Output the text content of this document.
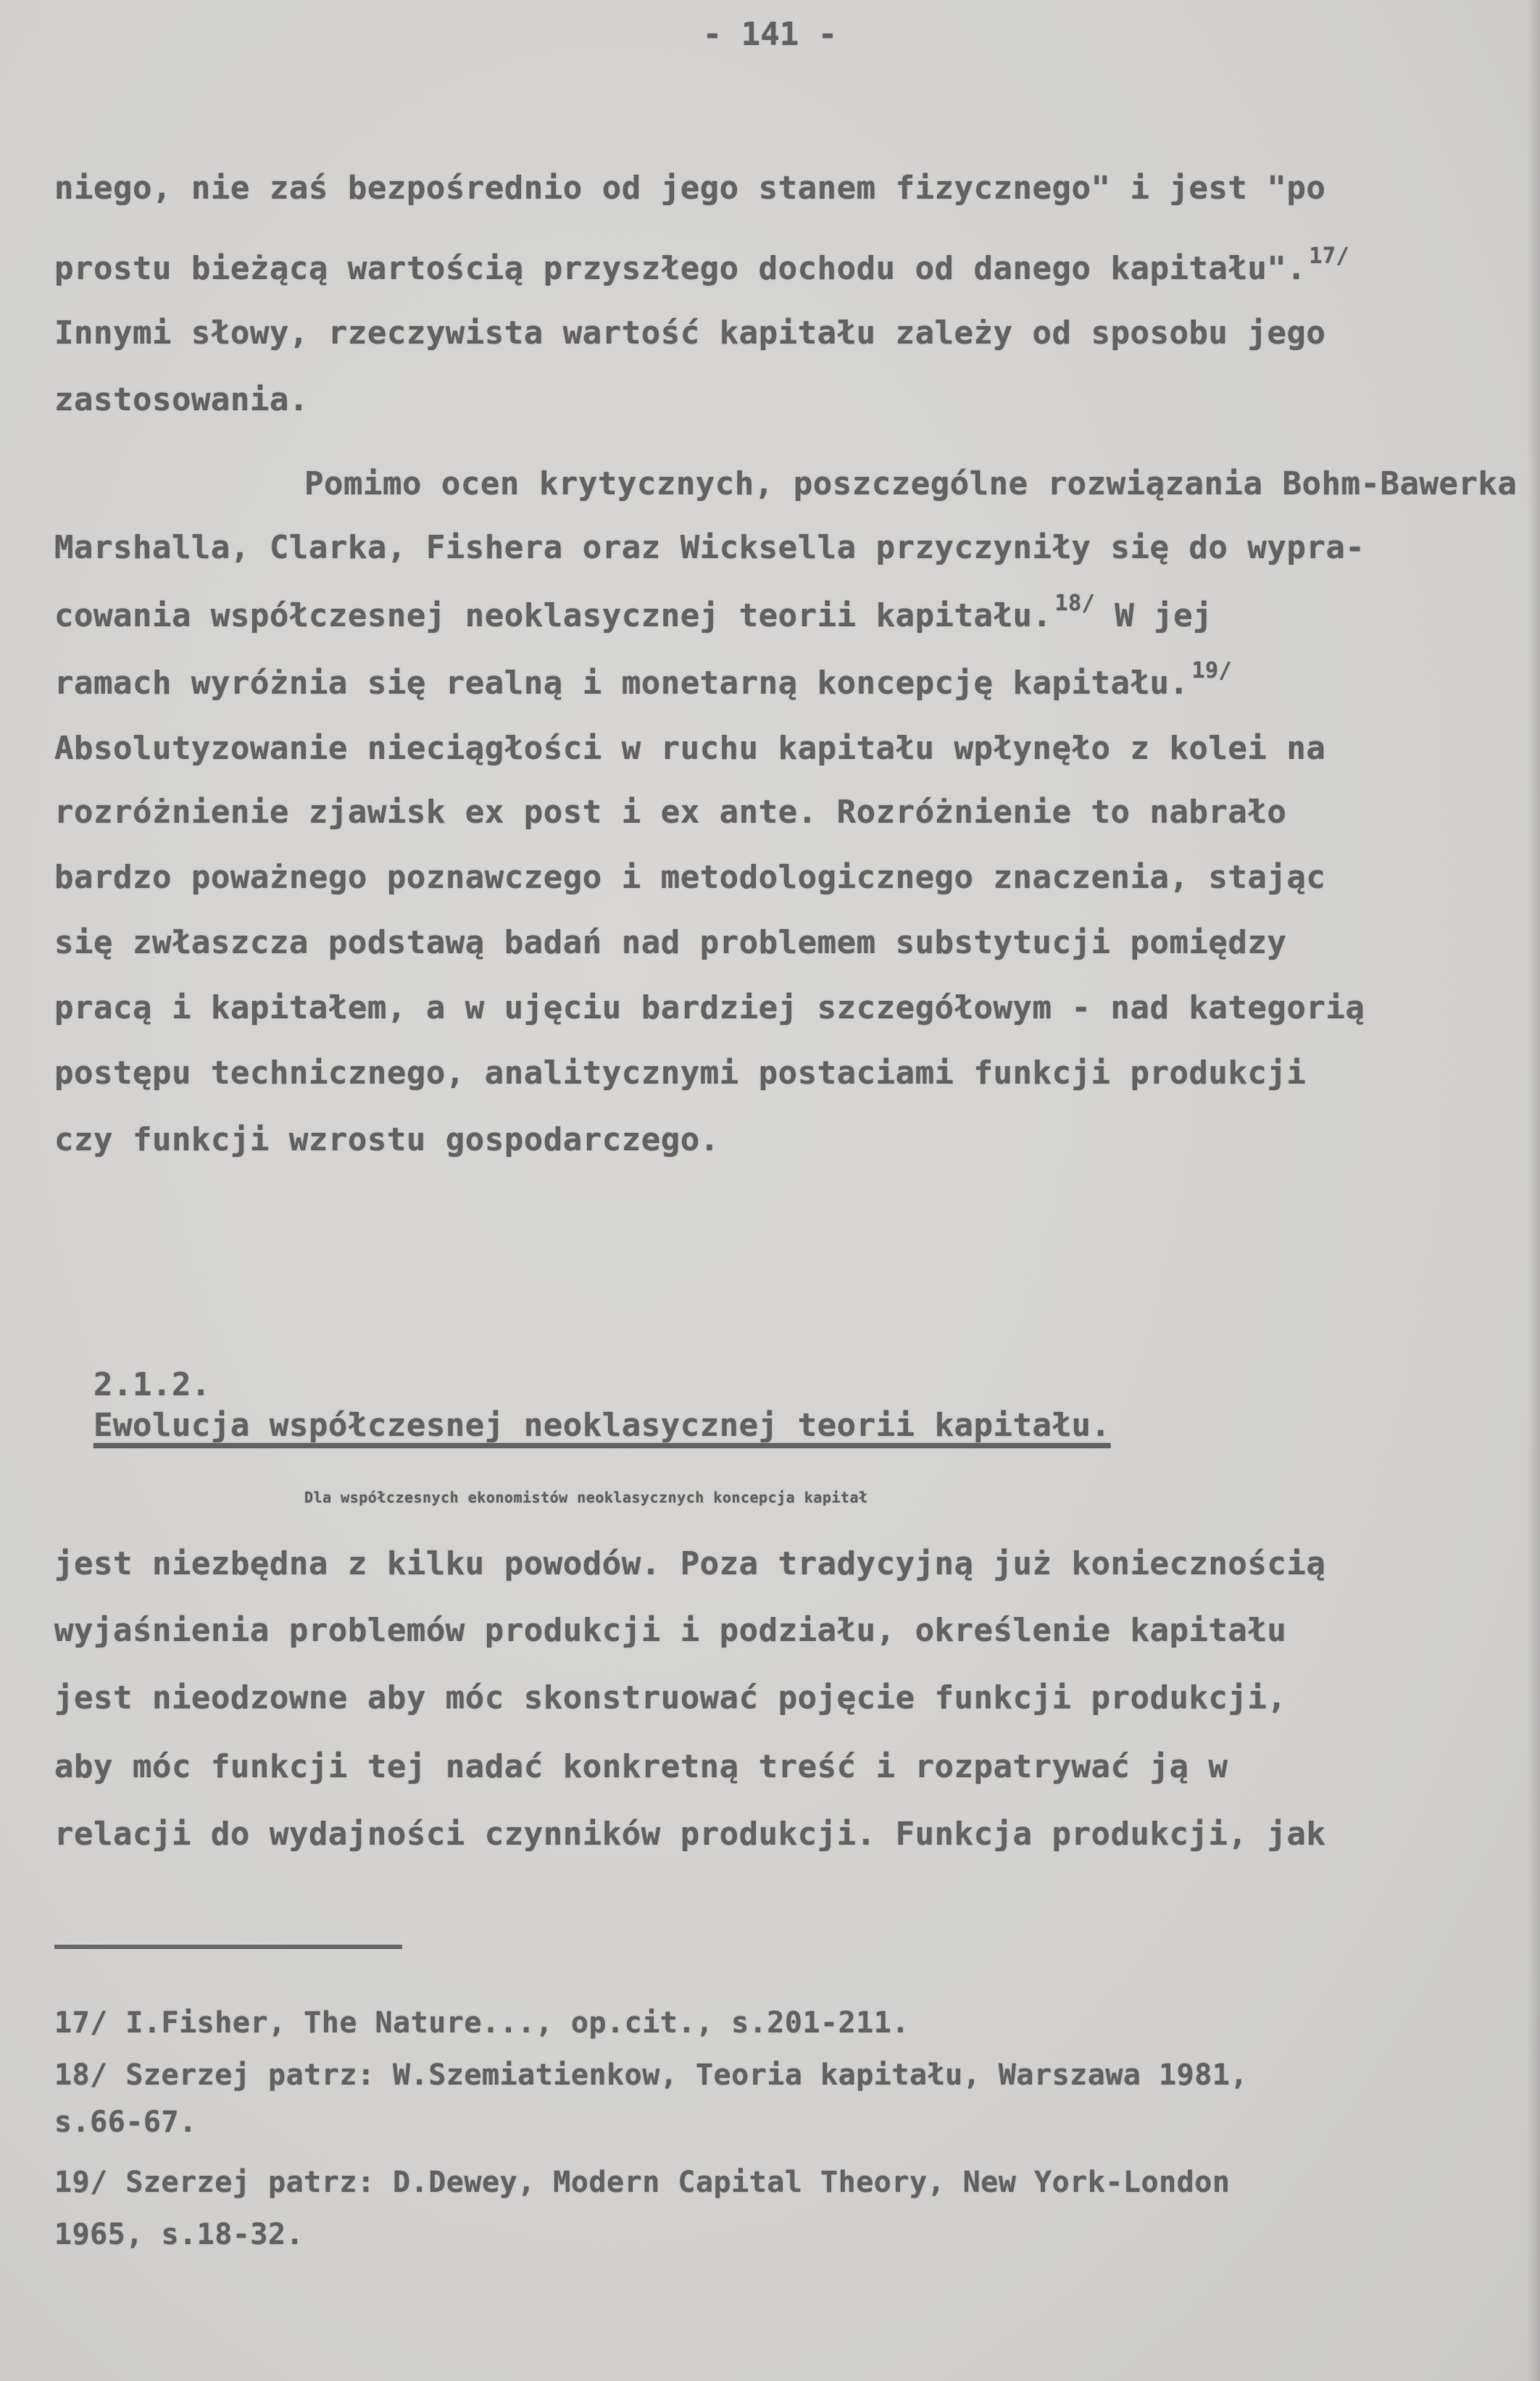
- 141 -
niego, nie zaś bezpośrednio od jego stanem fizycznego" i jest "po
prostu bieżącą wartością przyszłego dochodu od danego kapitału". $^{17/}$
Innymi słowy, rzeczywista wartość kapitału zależy od sposobu jego
zastosowania.
Pomimo ocen krytycznych, poszczególne rozwiązania Bohm-Bawerka
Marshalla, Clarka, Fishera oraz Wicksella przyczyniły się do wypra-
cowania współczesnej neoklasycznej teorii kapitału. $^{18/}$ W jej
ramach wyróżnia się realną i monetarną koncepcję kapitału. $^{19/}$
Absolutyzowanie nieciągłości w ruchu kapitału wpłynęło z kolei na
rozróżnienie zjawisk ex post i ex ante. Rozróżnienie to nabrało
bardzo poważnego poznawczego i metodologicznego znaczenia, stając
się zwłaszcza podstawą badań nad problemem substytucji pomiędzy
pracą i kapitałem, a w ujęciu bardziej szczegółowym - nad kategorią
postępu technicznego, analitycznymi postaciami funkcji produkcji
czy funkcji wzrostu gospodarczego.

2.1.2.
Ewolucja współczesnej neoklasycznej teorii kapitału.

Dla współczesnych ekonomistów neoklasycznych koncepcja kapitał
jest niezbędna z kilku powodów. Poza tradycyjną już koniecznością
wyjaśnienia problemów produkcji i podziału, określenie kapitału
jest nieodzowne aby móc skonstruować pojęcie funkcji produkcji,
aby móc funkcji tej nadać konkretną treść i rozpatrywać ją w
relacji do wydajności czynników produkcji. Funkcja produkcji, jak
17/ I.Fisher, The Nature..., op.cit., s.201-211.
18/ Szerzej patrz: W.Szemiatienkow, Teoria kapitału, Warszawa 1981,
s.66-67.
19/ Szerzej patrz: D.Dewey, Modern Capital Theory, New York-London
1965, s.18-32.
